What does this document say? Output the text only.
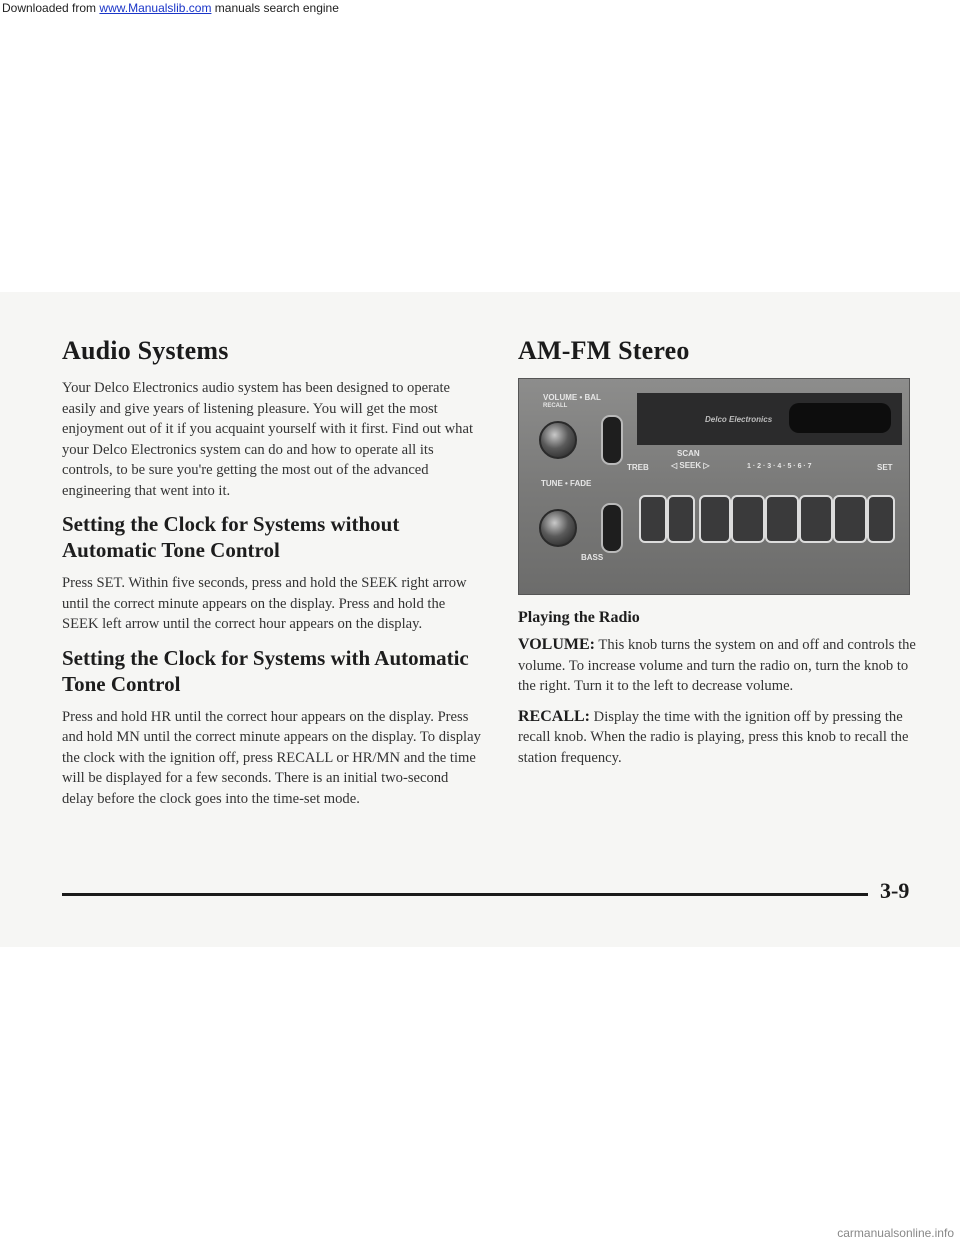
Downloaded from www.Manualslib.com manuals search engine
Audio Systems

Your Delco Electronics audio system has been designed to operate easily and give years of listening pleasure. You will get the most enjoyment out of it if you acquaint yourself with it first. Find out what your Delco Electronics system can do and how to operate all its controls, to be sure you're getting the most out of the advanced engineering that went into it.

Setting the Clock for Systems without Automatic Tone Control

Press SET. Within five seconds, press and hold the SEEK right arrow until the correct minute appears on the display. Press and hold the SEEK left arrow until the correct hour appears on the display.

Setting the Clock for Systems with Automatic Tone Control

Press and hold HR until the correct hour appears on the display. Press and hold MN until the correct minute appears on the display. To display the clock with the ignition off, press RECALL or HR/MN and the time will be displayed for a few seconds. There is an initial two-second delay before the clock goes into the time-set mode.

AM-FM Stereo
VOLUME • BAL
RECALL
Delco Electronics
TREB
SCAN
◁ SEEK ▷	1 · 2 · 3 · 4 · 5 · 6 · 7	SET
TUNE • FADE
BASS
Playing the Radio

VOLUME: This knob turns the system on and off and controls the volume. To increase volume and turn the radio on, turn the knob to the right. Turn it to the left to decrease volume.

RECALL: Display the time with the ignition off by pressing the recall knob. When the radio is playing, press this knob to recall the station frequency.

3-9
carmanualsonline.info
